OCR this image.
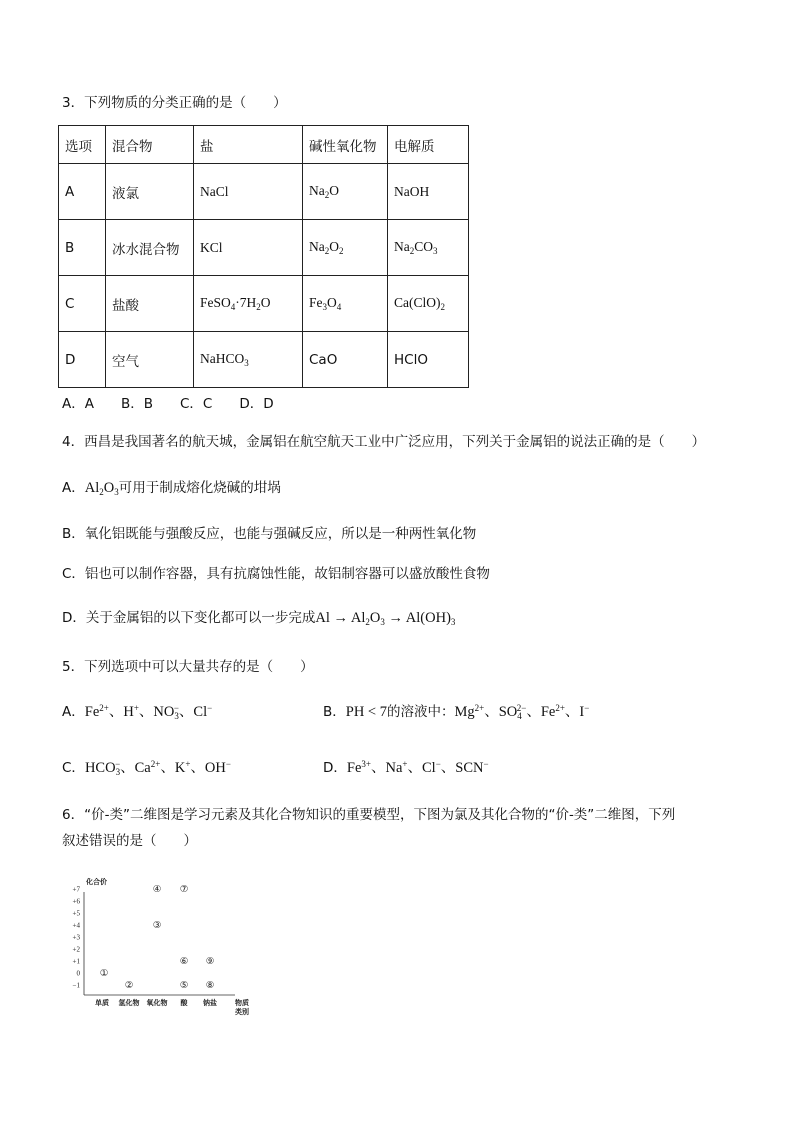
3．下列物质的分类正确的是（　　）
选项	混合物	盐	碱性氧化物	电解质
A	液氯	NaCl	$Na_2O$	NaOH
B	冰水混合物	KCl	$Na_2O_2$	$Na_2CO_3$
C	盐酸	$FeSO_4\cdot 7H_2O$	$Fe_3O_4$	$Ca(ClO)_2$
D	空气	NaHCO$_3$	CaO	HClO
A．A　　B．B　　C．C　　D．D
4．西昌是我国著名的航天城，金属铝在航空航天工业中广泛应用，下列关于金属铝的说法正确的是（　　）
A．$Al_2O_3$可用于制成熔化烧碱的坩埚
B．氧化铝既能与强酸反应，也能与强碱反应，所以是一种两性氧化物
C．铝也可以制作容器，具有抗腐蚀性能，故铝制容器可以盛放酸性食物
D．关于金属铝的以下变化都可以一步完成$Al \to Al_2O_3 \to Al(OH)_3$
5．下列选项中可以大量共存的是（　　）
A．$Fe^{2+}$、H+、$NO_3^-$、Cl−	B．PH < 7的溶液中：$Mg^{2+}$、$SO_4^{2-}$、$Fe^{2+}$、I−
C．$HCO_3^-$、$Ca^{2+}$、K+、OH−	D．$Fe^{3+}$、Na+、Cl−、SCN−
6．“价-类”二维图是学习元素及其化合物知识的重要模型，下图为氯及其化合物的“价-类”二维图，下列
叙述错误的是（　　）
化合价
+7
+6
+5
+4
+3
+2
+1
0
−1
单质 氢化物 氧化物 酸 钠盐	物质
类别
①
②
③
④
⑤
⑥
⑦
⑧
⑨
